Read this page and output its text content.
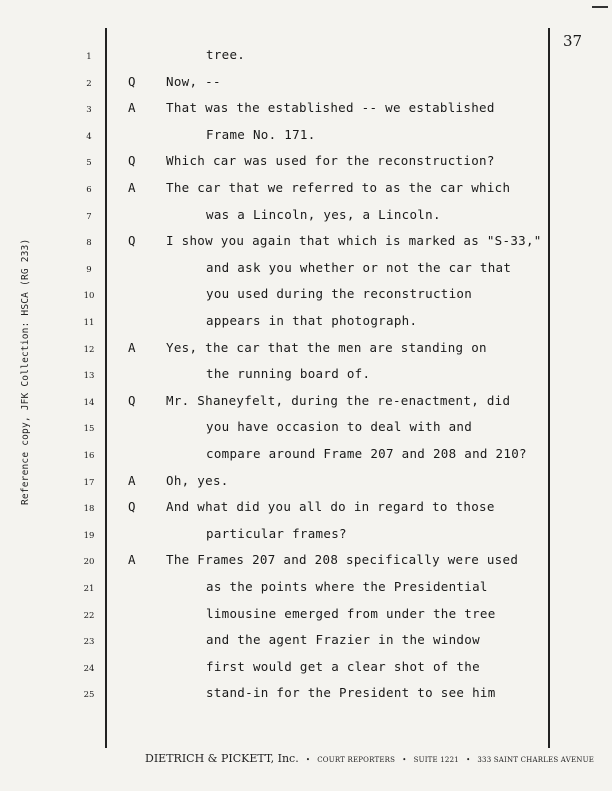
37
Reference copy, JFK Collection: HSCA (RG 233)
1	tree.
2	Q Now, --
3	A That was the established -- we established
4	Frame No. 171.
5	Q Which car was used for the reconstruction?
6	A The car that we referred to as the car which
7	was a Lincoln, yes, a Lincoln.
8	Q I show you again that which is marked as "S-33,"
9	and ask you whether or not the car that
10	you used during the reconstruction
11	appears in that photograph.
12	A Yes, the car that the men are standing on
13	the running board of.
14	Q Mr. Shaneyfelt, during the re-enactment, did
15	you have occasion to deal with and
16	compare around Frame 207 and 208 and 210?
17	A Oh, yes.
18	Q And what did you all do in regard to those
19	particular frames?
20	A The Frames 207 and 208 specifically were used
21	as the points where the Presidential
22	limousine emerged from under the tree
23	and the agent Frazier in the window
24	first would get a clear shot of the
25	stand-in for the President to see him
DIETRICH & PICKETT, Inc. • COURT REPORTERS • SUITE 1221 • 333 SAINT CHARLES AVENUE
